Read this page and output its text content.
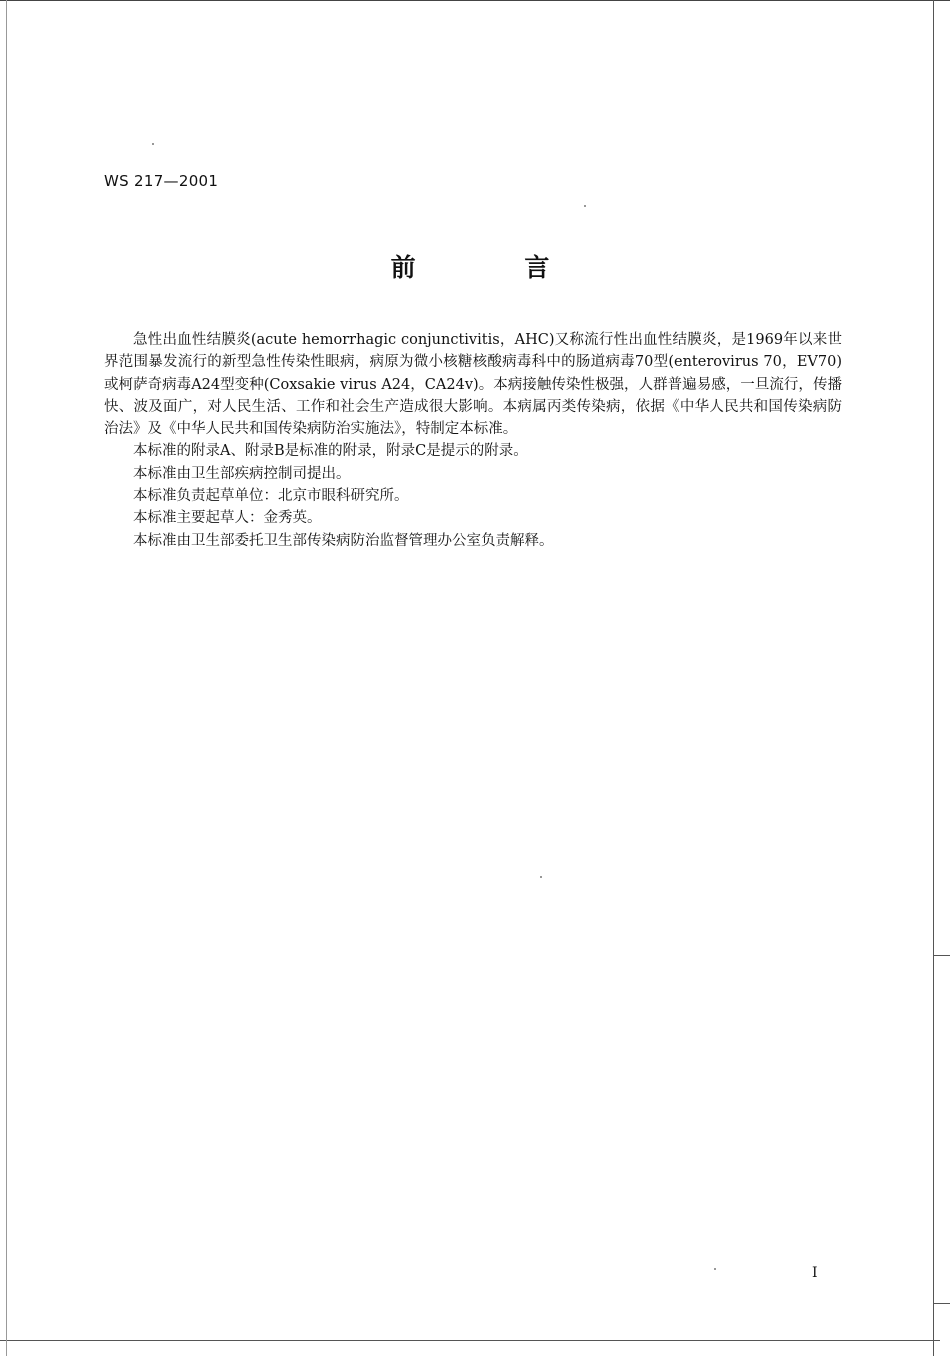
WS 217—2001
前 言

急性出血性结膜炎(acute hemorrhagic conjunctivitis，AHC)又称流行性出血性结膜炎，是1969年以来世界范围暴发流行的新型急性传染性眼病，病原为微小核糖核酸病毒科中的肠道病毒70型(enterovirus 70，EV70)或柯萨奇病毒A24型变种(Coxsakie virus A24，CA24v)。本病接触传染性极强，人群普遍易感，一旦流行，传播快、波及面广，对人民生活、工作和社会生产造成很大影响。本病属丙类传染病，依据《中华人民共和国传染病防治法》及《中华人民共和国传染病防治实施法》，特制定本标准。

本标准的附录A、附录B是标准的附录，附录C是提示的附录。

本标准由卫生部疾病控制司提出。

本标准负责起草单位：北京市眼科研究所。

本标准主要起草人：金秀英。

本标准由卫生部委托卫生部传染病防治监督管理办公室负责解释。

I
